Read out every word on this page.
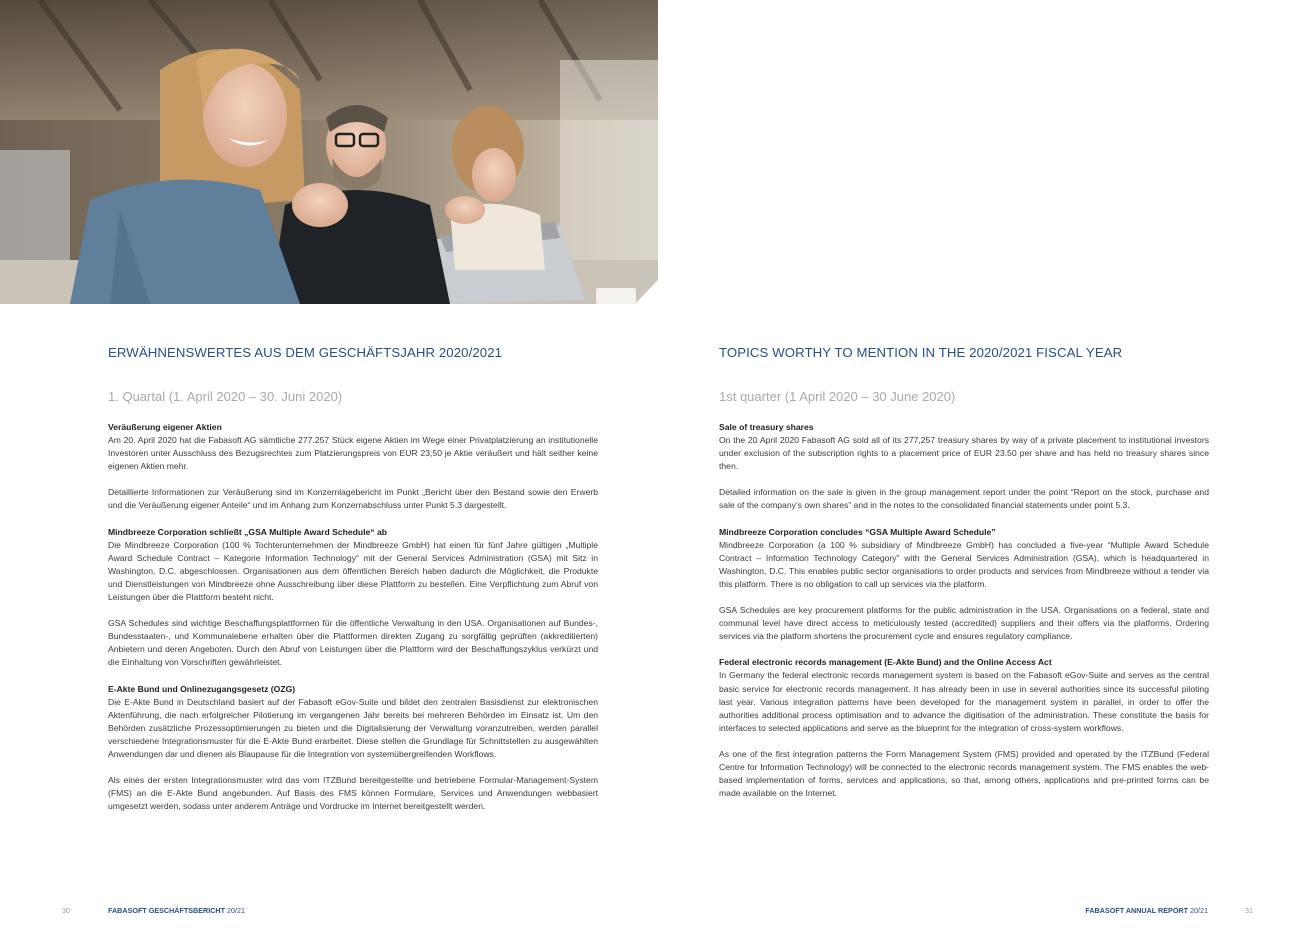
ERWÄHNENSWERTES AUS DEM GESCHÄFTSJAHR 2020/2021
1. Quartal (1. April 2020 – 30. Juni 2020)

Veräußerung eigener Aktien

Am 20. April 2020 hat die Fabasoft AG sämtliche 277.257 Stück eigene Aktien im Wege einer Privatplatzierung an institutionelle Investoren unter Ausschluss des Bezugsrechtes zum Platzierungspreis von EUR 23,50 je Aktie veräußert und hält seither keine eigenen Aktien mehr.

Detaillierte Informationen zur Veräußerung sind im Konzernlagebericht im Punkt „Bericht über den Bestand sowie den Erwerb und die Veräußerung eigener Anteile“ und im Anhang zum Konzernabschluss unter Punkt 5.3 dargestellt.

Mindbreeze Corporation schließt „GSA Multiple Award Schedule“ ab

Die Mindbreeze Corporation (100 % Tochterunternehmen der Mindbreeze GmbH) hat einen für fünf Jahre gültigen „Multiple Award Schedule Contract – Kategorie Information Technology“ mit der General Services Administration (GSA) mit Sitz in Washington, D.C. abgeschlossen. Organisationen aus dem öffentlichen Bereich haben dadurch die Möglichkeit, die Produkte und Dienstleistungen von Mindbreeze ohne Ausschreibung über diese Plattform zu bestellen. Eine Verpflichtung zum Abruf von Leistungen über die Plattform besteht nicht.

GSA Schedules sind wichtige Beschaffungsplattformen für die öffentliche Verwaltung in den USA. Organisationen auf Bundes-, Bundesstaaten-, und Kommunalebene erhalten über die Plattformen direkten Zugang zu sorgfältig geprüften (akkreditierten) Anbietern und deren Angeboten. Durch den Abruf von Leistungen über die Plattform wird der Beschaffungszyklus verkürzt und die Einhaltung von Vorschriften gewährleistet.

E-Akte Bund und Onlinezugangsgesetz (OZG)

Die E-Akte Bund in Deutschland basiert auf der Fabasoft eGov-Suite und bildet den zentralen Basisdienst zur elektronischen Aktenführung, die nach erfolgreicher Pilotierung im vergangenen Jahr bereits bei mehreren Behörden im Einsatz ist. Um den Behörden zusätzliche Prozessoptimierungen zu bieten und die Digitalisierung der Verwaltung voranzutreiben, werden parallel verschiedene Integrationsmuster für die E-Akte Bund erarbeitet. Diese stellen die Grundlage für Schnittstellen zu ausgewählten Anwendungen dar und dienen als Blaupause für die Integration von systemübergreifenden Workflows.

Als eines der ersten Integrationsmuster wird das vom ITZBund bereitgestellte und betriebene Formular-Management-System (FMS) an die E-Akte Bund angebunden. Auf Basis des FMS können Formulare, Services und Anwendungen webbasiert umgesetzt werden, sodass unter anderem Anträge und Vordrucke im Internet bereitgestellt werden.

TOPICS WORTHY TO MENTION IN THE 2020/2021 FISCAL YEAR
1st quarter (1 April 2020 – 30 June 2020)

Sale of treasury shares

On the 20 April 2020 Fabasoft AG sold all of its 277,257 treasury shares by way of a private placement to institutional investors under exclusion of the subscription rights to a placement price of EUR 23.50 per share and has held no treasury shares since then.

Detailed information on the sale is given in the group management report under the point “Report on the stock, purchase and sale of the company’s own shares” and in the notes to the consolidated financial statements under point 5.3.

Mindbreeze Corporation concludes “GSA Multiple Award Schedule”

Mindbreeze Corporation (a 100 % subsidiary of Mindbreeze GmbH) has concluded a five-year “Multiple Award Schedule Contract – Information Technology Category” with the General Services Administration (GSA), which is headquartered in Washington, D.C. This enables public sector organisations to order products and services from Mindbreeze without a tender via this platform. There is no obligation to call up services via the platform.

GSA Schedules are key procurement platforms for the public administration in the USA. Organisations on a federal, state and communal level have direct access to meticulously tested (accredited) suppliers and their offers via the platforms. Ordering services via the platform shortens the procurement cycle and ensures regulatory compliance.

Federal electronic records management (E-Akte Bund) and the Online Access Act

In Germany the federal electronic records management system is based on the Fabasoft eGov-Suite and serves as the central basic service for electronic records management. It has already been in use in several authorities since its successful piloting last year. Various integration patterns have been developed for the management system in parallel, in order to offer the authorities additional process optimisation and to advance the digitisation of the administration. These constitute the basis for interfaces to selected applications and serve as the blueprint for the integration of cross-system workflows.

As one of the first integration patterns the Form Management System (FMS) provided and operated by the ITZBund (Federal Centre for Information Technology) will be connected to the electronic records management system. The FMS enables the web-based implementation of forms, services and applications, so that, among others, applications and pre-printed forms can be made available on the Internet.

30	FABASOFT GESCHÄFTSBERICHT 20/21	FABASOFT ANNUAL REPORT 20/21	31
